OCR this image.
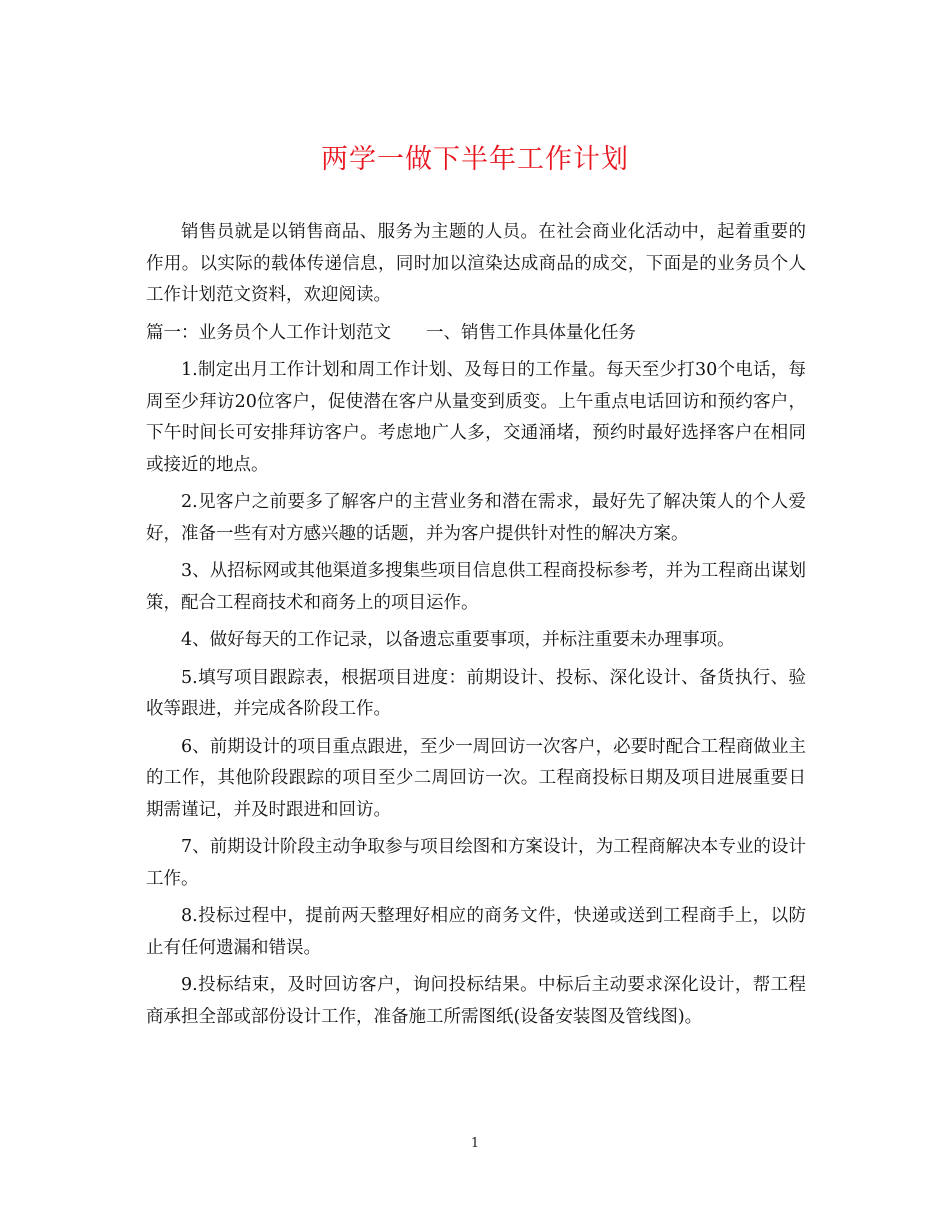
两学一做下半年工作计划

销售员就是以销售商品、服务为主题的人员。在社会商业化活动中，起着重要的作用。以实际的载体传递信息，同时加以渲染达成商品的成交，下面是的业务员个人工作计划范文资料，欢迎阅读。

篇一：业务员个人工作计划范文　　一、销售工作具体量化任务

1.制定出月工作计划和周工作计划、及每日的工作量。每天至少打30个电话，每周至少拜访20位客户，促使潜在客户从量变到质变。上午重点电话回访和预约客户，下午时间长可安排拜访客户。考虑地广人多，交通涌堵，预约时最好选择客户在相同或接近的地点。

2.见客户之前要多了解客户的主营业务和潜在需求，最好先了解决策人的个人爱好，准备一些有对方感兴趣的话题，并为客户提供针对性的解决方案。

3、从招标网或其他渠道多搜集些项目信息供工程商投标参考，并为工程商出谋划策，配合工程商技术和商务上的项目运作。

4、做好每天的工作记录，以备遗忘重要事项，并标注重要未办理事项。

5.填写项目跟踪表，根据项目进度：前期设计、投标、深化设计、备货执行、验收等跟进，并完成各阶段工作。

6、前期设计的项目重点跟进，至少一周回访一次客户，必要时配合工程商做业主的工作，其他阶段跟踪的项目至少二周回访一次。工程商投标日期及项目进展重要日期需谨记，并及时跟进和回访。

7、前期设计阶段主动争取参与项目绘图和方案设计，为工程商解决本专业的设计工作。

8.投标过程中，提前两天整理好相应的商务文件，快递或送到工程商手上，以防止有任何遗漏和错误。

9.投标结束，及时回访客户，询问投标结果。中标后主动要求深化设计，帮工程商承担全部或部份设计工作，准备施工所需图纸(设备安装图及管线图)。

1
